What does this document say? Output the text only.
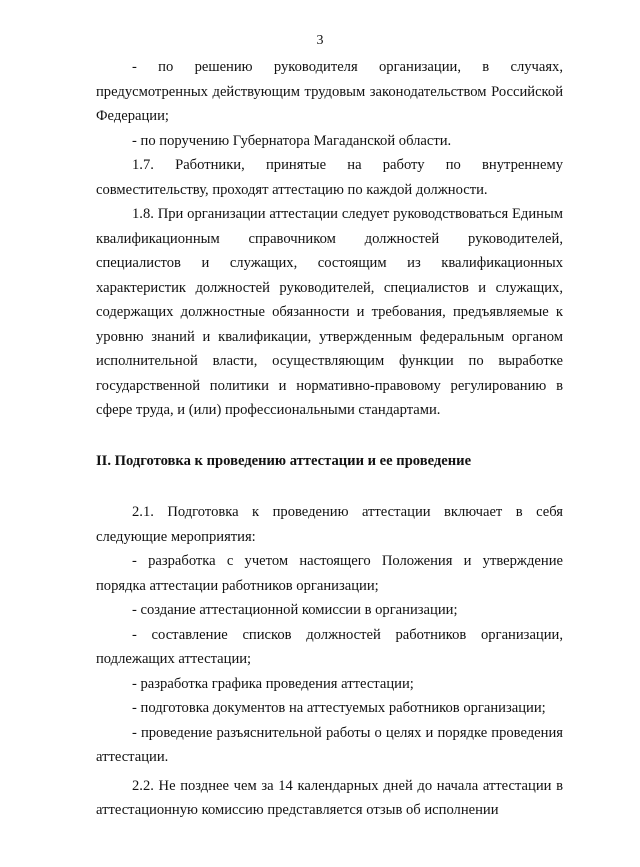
3

- по решению руководителя организации, в случаях, предусмотренных действующим трудовым законодательством Российской Федерации;

- по поручению Губернатора Магаданской области.

1.7. Работники, принятые на работу по внутреннему совместительству, проходят аттестацию по каждой должности.

1.8. При организации аттестации следует руководствоваться Единым квалификационным справочником должностей руководителей, специалистов и служащих, состоящим из квалификационных характеристик должностей руководителей, специалистов и служащих, содержащих должностные обязанности и требования, предъявляемые к уровню знаний и квалификации, утвержденным федеральным органом исполнительной власти, осуществляющим функции по выработке государственной политики и нормативно-правовому регулированию в сфере труда, и (или) профессиональными стандартами.

II. Подготовка к проведению аттестации и ее проведение

2.1. Подготовка к проведению аттестации включает в себя следующие мероприятия:

- разработка с учетом настоящего Положения и утверждение порядка аттестации работников организации;

- создание аттестационной комиссии в организации;

- составление списков должностей работников организации, подлежащих аттестации;

- разработка графика проведения аттестации;

- подготовка документов на аттестуемых работников организации;

- проведение разъяснительной работы о целях и порядке проведения аттестации.

2.2. Не позднее чем за 14 календарных дней до начала аттестации в аттестационную комиссию представляется отзыв об исполнении
